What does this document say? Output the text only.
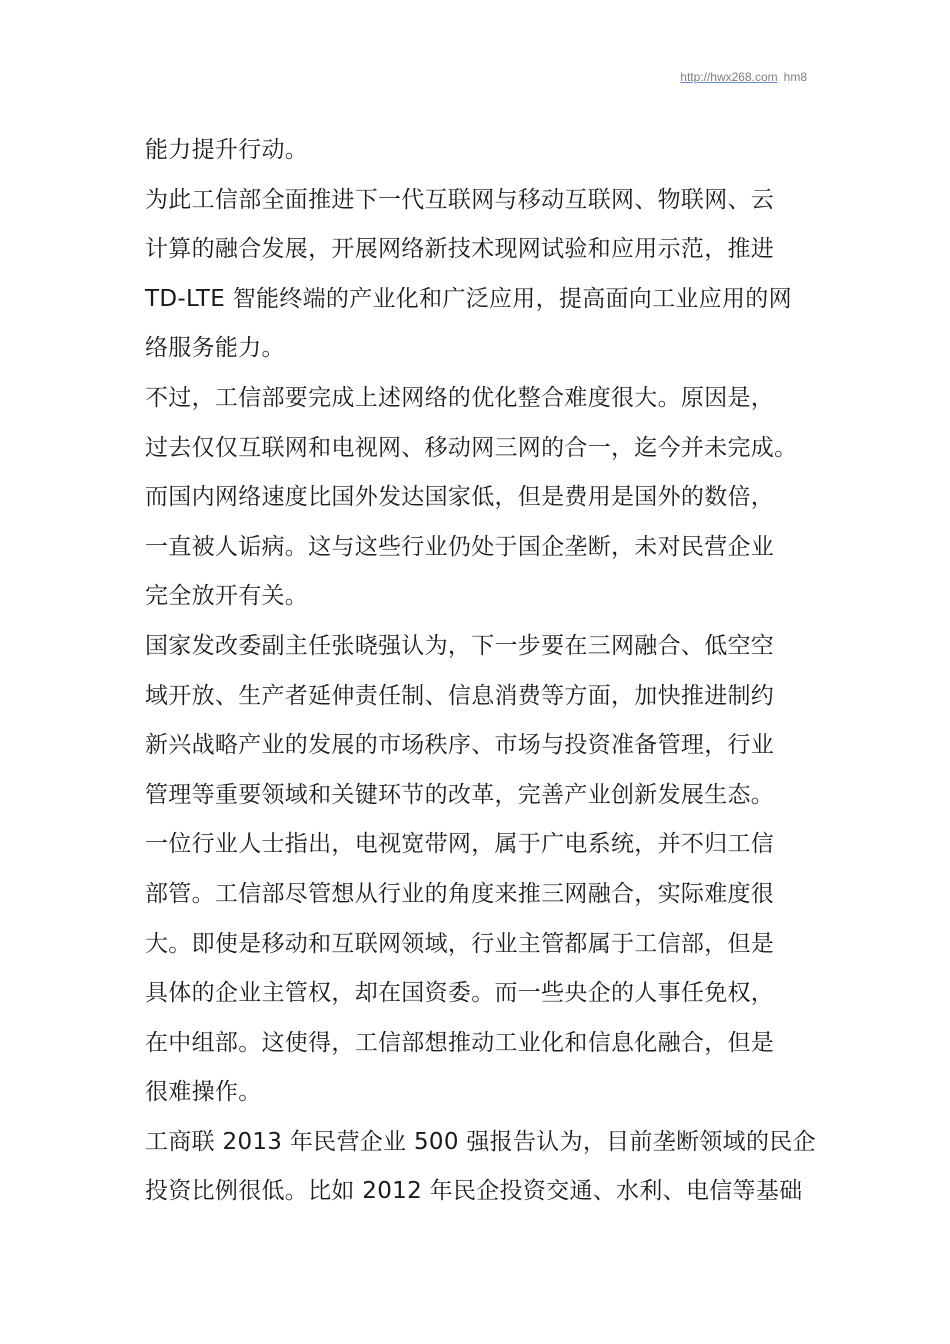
http://hwx268.com hm8
能力提升行动。
为此工信部全面推进下一代互联网与移动互联网、物联网、云
计算的融合发展，开展网络新技术现网试验和应用示范，推进
TD-LTE 智能终端的产业化和广泛应用，提高面向工业应用的网
络服务能力。
不过，工信部要完成上述网络的优化整合难度很大。原因是，
过去仅仅互联网和电视网、移动网三网的合一，迄今并未完成。
而国内网络速度比国外发达国家低，但是费用是国外的数倍，
一直被人诟病。这与这些行业仍处于国企垄断，未对民营企业
完全放开有关。
国家发改委副主任张晓强认为，下一步要在三网融合、低空空
域开放、生产者延伸责任制、信息消费等方面，加快推进制约
新兴战略产业的发展的市场秩序、市场与投资准备管理，行业
管理等重要领域和关键环节的改革，完善产业创新发展生态。
一位行业人士指出，电视宽带网，属于广电系统，并不归工信
部管。工信部尽管想从行业的角度来推三网融合，实际难度很
大。即使是移动和互联网领域，行业主管都属于工信部，但是
具体的企业主管权，却在国资委。而一些央企的人事任免权，
在中组部。这使得，工信部想推动工业化和信息化融合，但是
很难操作。
工商联 2013 年民营企业 500 强报告认为，目前垄断领域的民企
投资比例很低。比如 2012 年民企投资交通、水利、电信等基础
